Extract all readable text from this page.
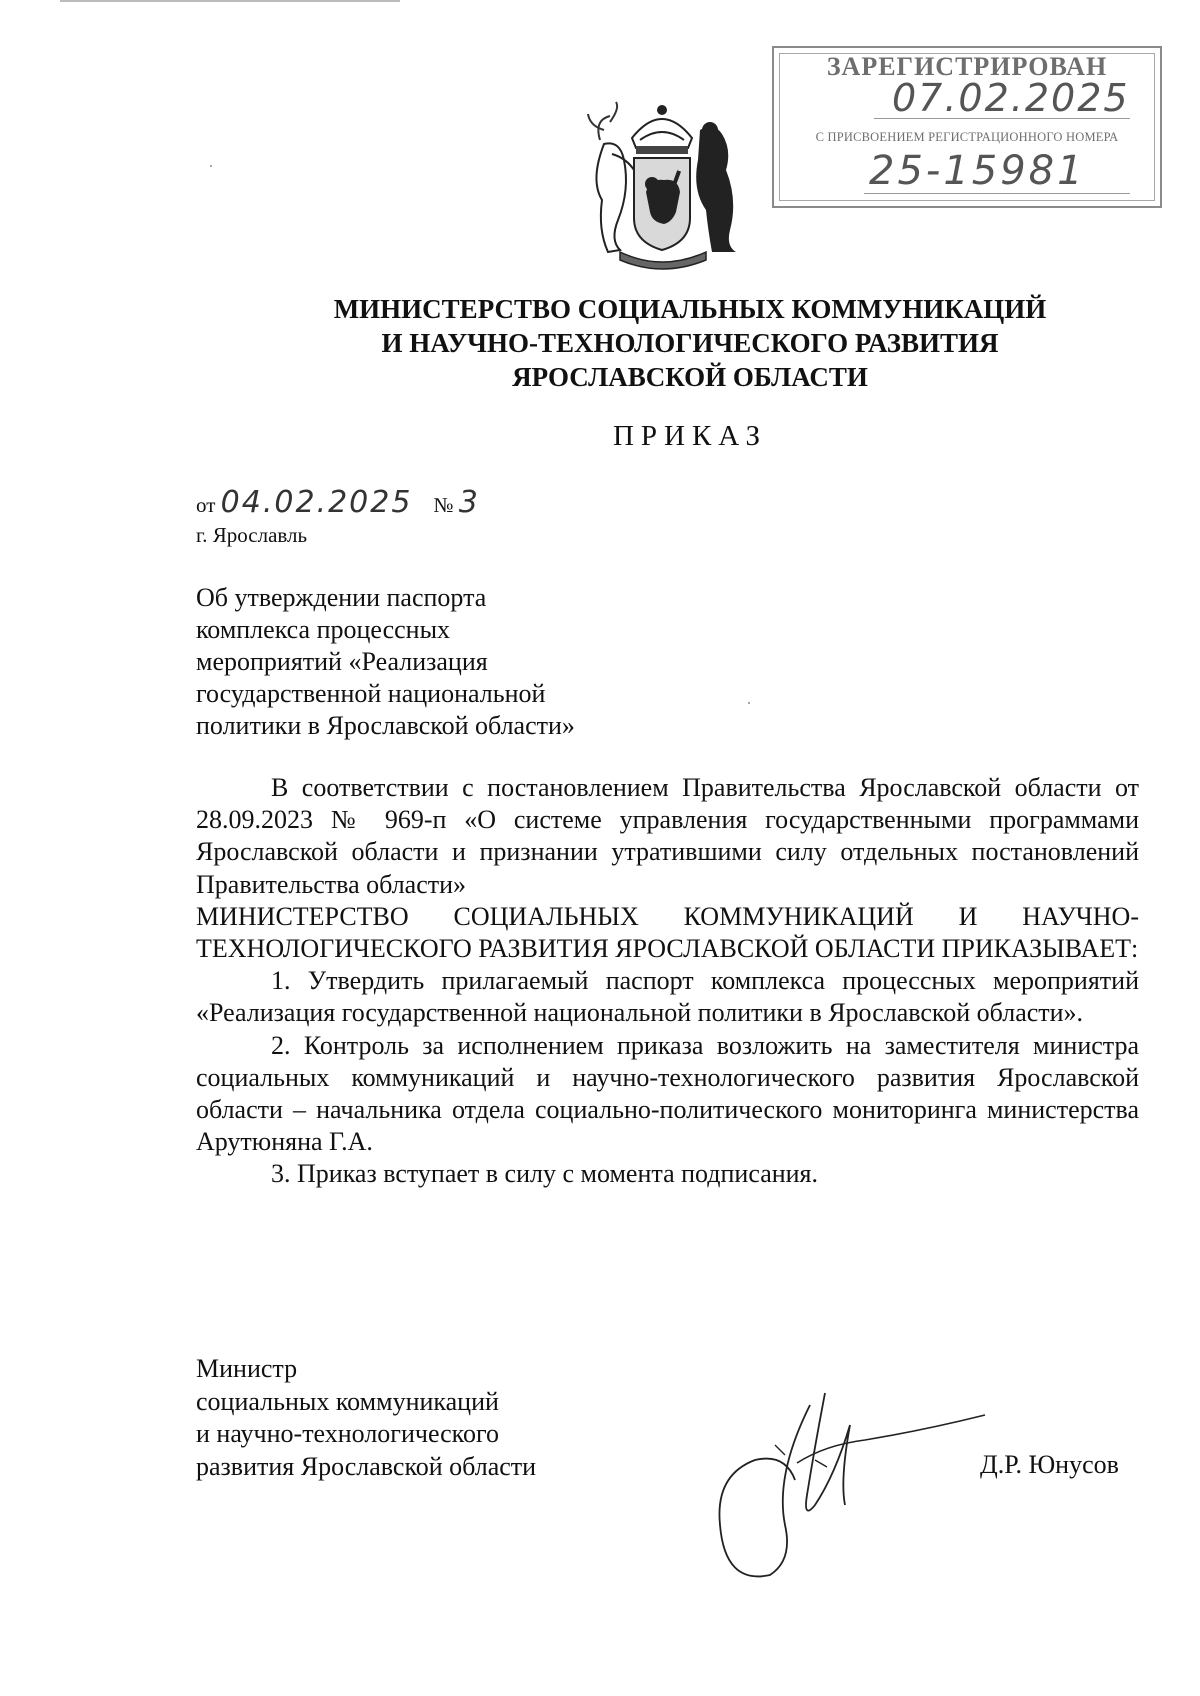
ЗАРЕГИСТРИРОВАН
07.02.2025
С ПРИСВОЕНИЕМ РЕГИСТРАЦИОННОГО НОМЕРА
25-15981
МИНИСТЕРСТВО СОЦИАЛЬНЫХ КОММУНИКАЦИЙ
И НАУЧНО-ТЕХНОЛОГИЧЕСКОГО РАЗВИТИЯ
ЯРОСЛАВСКОЙ ОБЛАСТИ
ПРИКАЗ
от 04.02.2025 № 3
г. Ярославль
Об утверждении паспорта
комплекса процессных
мероприятий «Реализация
государственной национальной
политики в Ярославской области»

В соответствии с постановлением Правительства Ярославской области от 28.09.2023 № 969-п «О системе управления государственными программами Ярославской области и признании утратившими силу отдельных постановлений Правительства области»

МИНИСТЕРСТВО СОЦИАЛЬНЫХ КОММУНИКАЦИЙ И НАУЧНО-ТЕХНОЛОГИЧЕСКОГО РАЗВИТИЯ ЯРОСЛАВСКОЙ ОБЛАСТИ ПРИКАЗЫВАЕТ:

1. Утвердить прилагаемый паспорт комплекса процессных мероприятий «Реализация государственной национальной политики в Ярославской области».

2. Контроль за исполнением приказа возложить на заместителя министра социальных коммуникаций и научно-технологического развития Ярославской области – начальника отдела социально-политического мониторинга министерства Арутюняна Г.А.

3. Приказ вступает в силу с момента подписания.

Министр
социальных коммуникаций
и научно-технологического
развития Ярославской области	Д.Р. Юнусов
